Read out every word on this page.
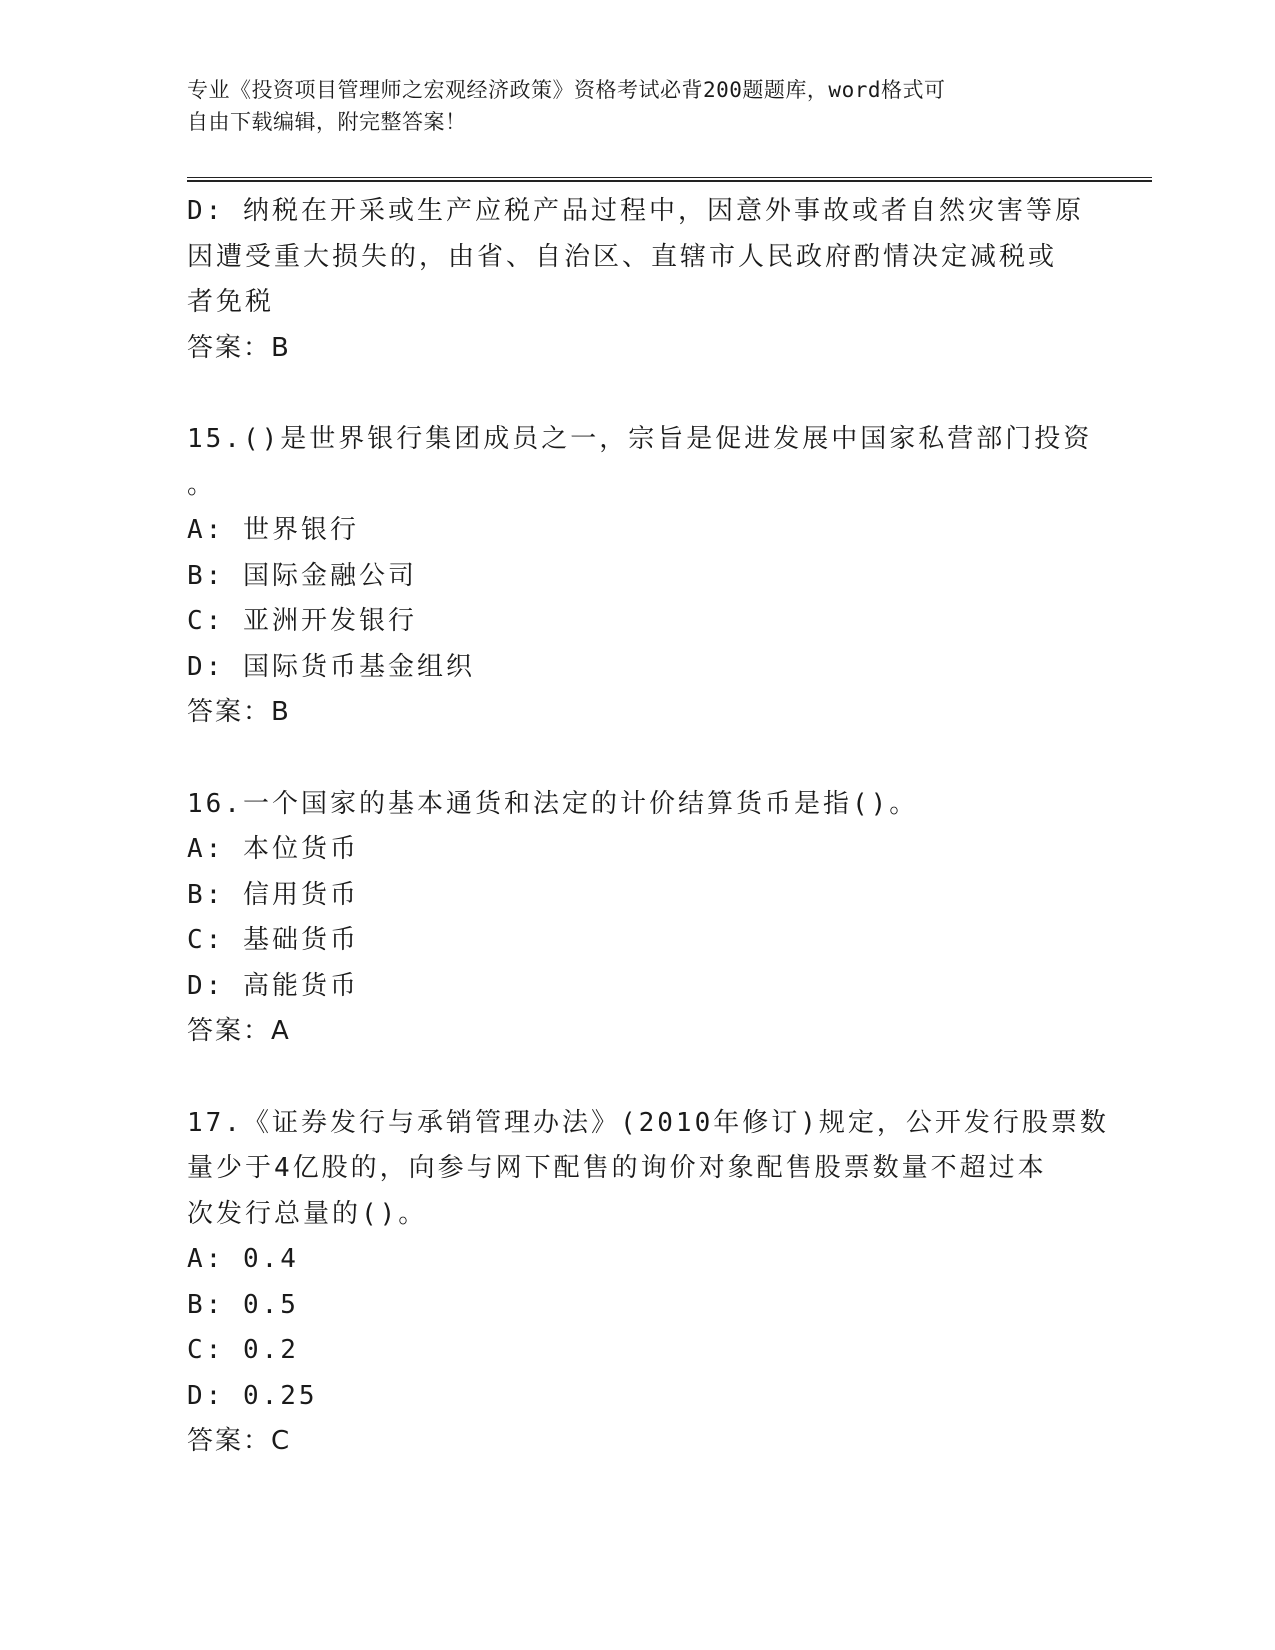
专业《投资项目管理师之宏观经济政策》资格考试必背200题题库，word格式可
自由下载编辑，附完整答案！
D: 纳税在开采或生产应税产品过程中，因意外事故或者自然灾害等原
因遭受重大损失的，由省、自治区、直辖市人民政府酌情决定减税或
者免税
答案：B
15.()是世界银行集团成员之一，宗旨是促进发展中国家私营部门投资
。
A: 世界银行
B: 国际金融公司
C: 亚洲开发银行
D: 国际货币基金组织
答案：B
16.一个国家的基本通货和法定的计价结算货币是指()。
A: 本位货币
B: 信用货币
C: 基础货币
D: 高能货币
答案：A
17.《证券发行与承销管理办法》(2010年修订)规定，公开发行股票数
量少于4亿股的，向参与网下配售的询价对象配售股票数量不超过本
次发行总量的()。
A: 0.4
B: 0.5
C: 0.2
D: 0.25
答案：C
